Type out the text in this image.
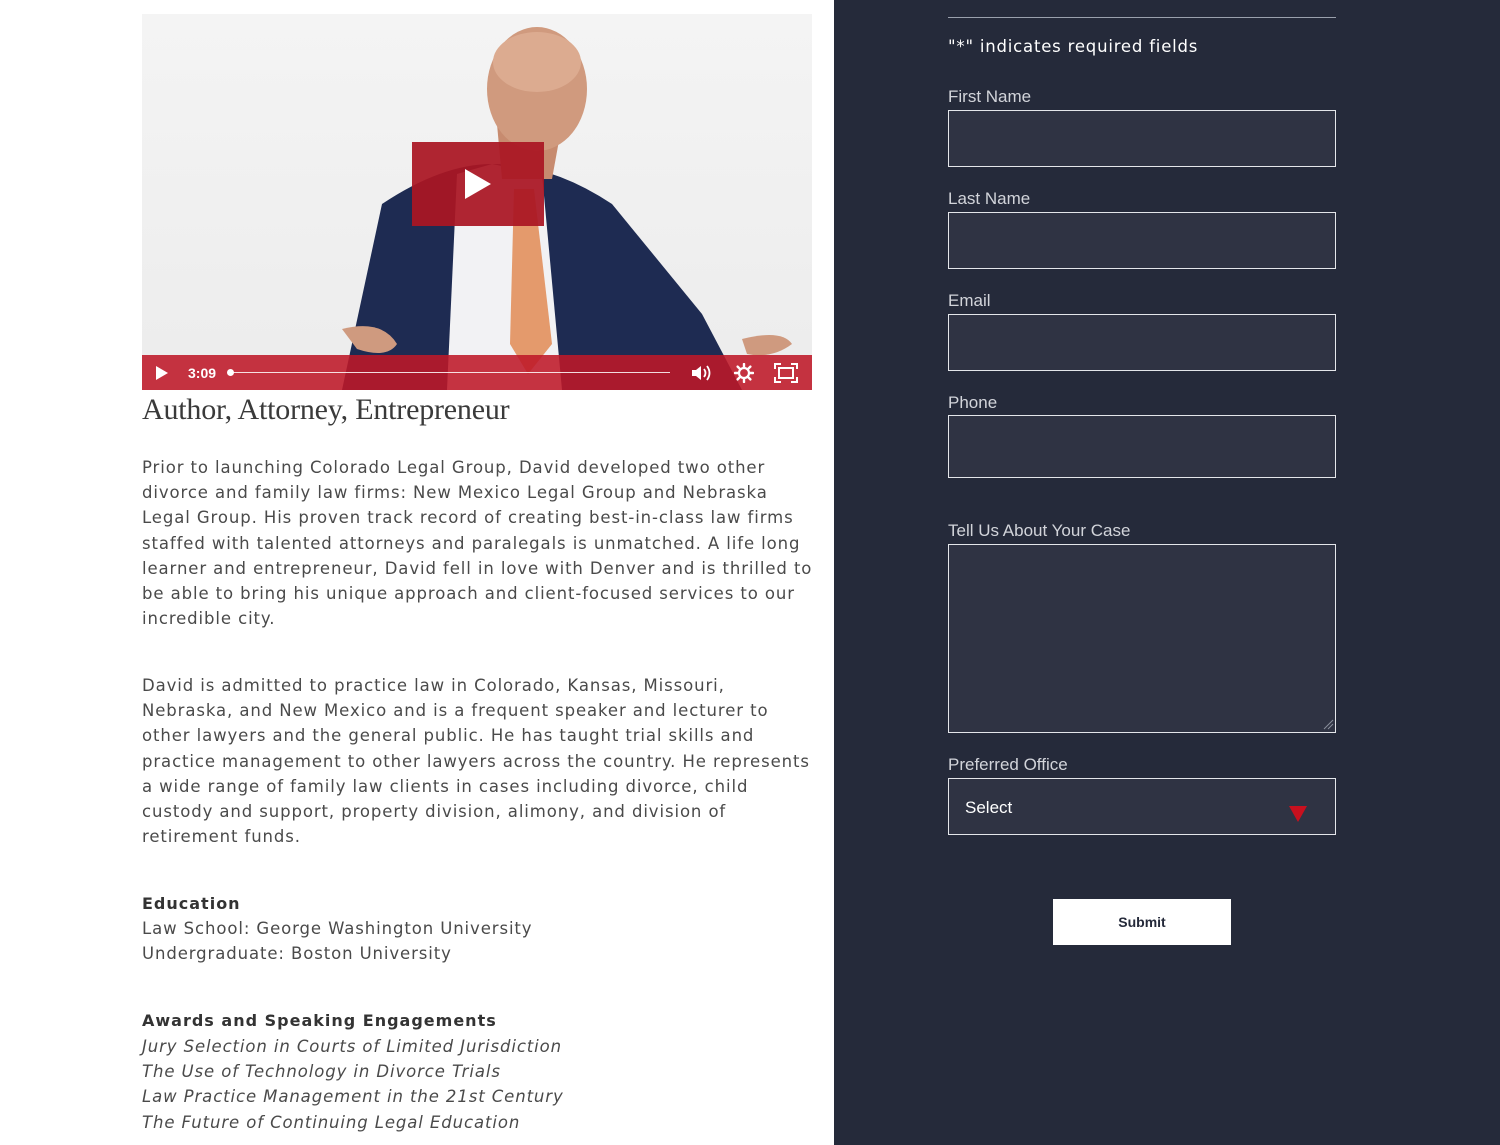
3:09
Author, Attorney, Entrepreneur
Prior to launching Colorado Legal Group, David developed two other
divorce and family law firms: New Mexico Legal Group and Nebraska
Legal Group. His proven track record of creating best-in-class law firms
staffed with talented attorneys and paralegals is unmatched. A life long
learner and entrepreneur, David fell in love with Denver and is thrilled to
be able to bring his unique approach and client-focused services to our
incredible city.
David is admitted to practice law in Colorado, Kansas, Missouri,
Nebraska, and New Mexico and is a frequent speaker and lecturer to
other lawyers and the general public. He has taught trial skills and
practice management to other lawyers across the country. He represents
a wide range of family law clients in cases including divorce, child
custody and support, property division, alimony, and division of
retirement funds.
Education
Law School: George Washington University
Undergraduate: Boston University
Awards and Speaking Engagements
Jury Selection in Courts of Limited Jurisdiction
The Use of Technology in Divorce Trials
Law Practice Management in the 21st Century
The Future of Continuing Legal Education
"*" indicates required fields
First Name
Last Name
Email
Phone
Tell Us About Your Case
Preferred Office
Select
Submit
